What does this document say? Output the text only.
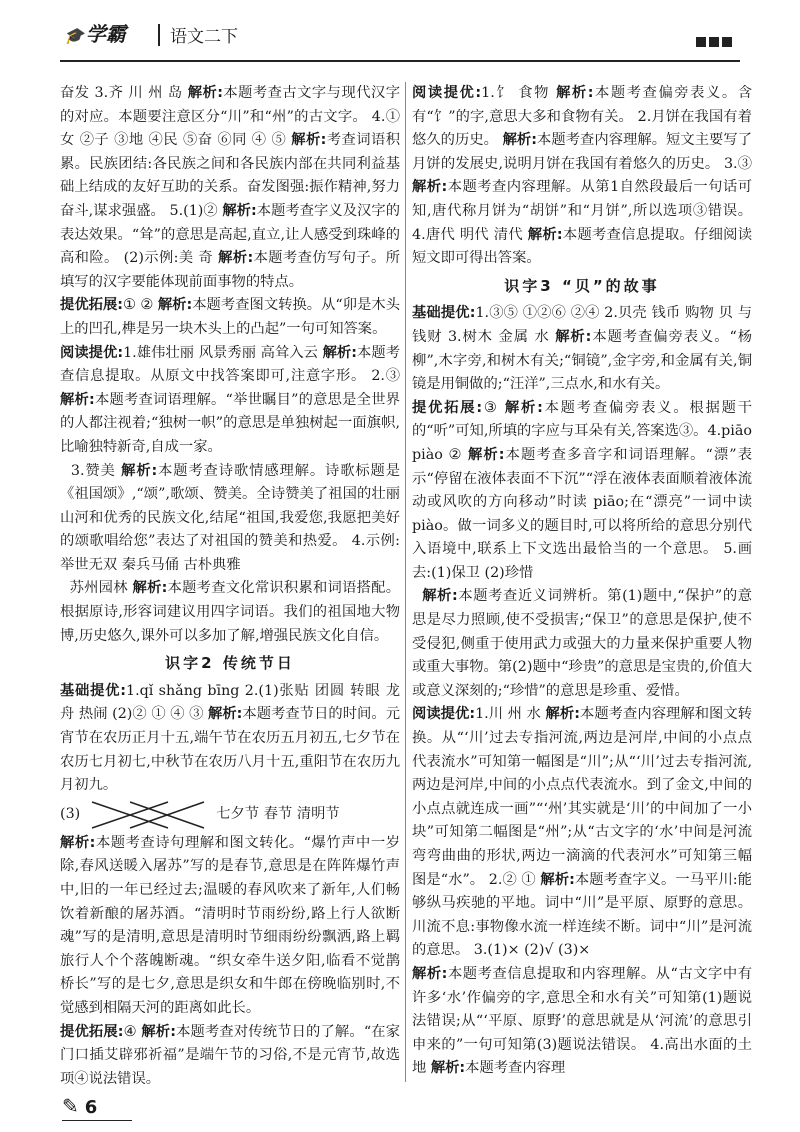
🎓 学霸	语文二下

奋发 3.齐 川 州 岛 解析:本题考查古文字与现代汉字的对应。本题要注意区分“川”和“州”的古文字。 4.①女 ②子 ③地 ④民 ⑤奋 ⑥同 ④ ⑤ 解析:考查词语积累。民族团结:各民族之间和各民族内部在共同利益基础上结成的友好互助的关系。奋发图强:振作精神,努力奋斗,谋求强盛。 5.(1)② 解析:本题考查字义及汉字的表达效果。“耸”的意思是高起,直立,让人感受到珠峰的高和险。 (2)示例:美 奇 解析:本题考查仿写句子。所填写的汉字要能体现前面事物的特点。

提优拓展:① ② 解析:本题考查图文转换。从“卯是木头上的凹孔,榫是另一块木头上的凸起”一句可知答案。

阅读提优:1.雄伟壮丽 风景秀丽 高耸入云 解析:本题考查信息提取。从原文中找答案即可,注意字形。 2.③ 解析:本题考查词语理解。“举世瞩目”的意思是全世界的人都注视着;“独树一帜”的意思是单独树起一面旗帜,比喻独特新奇,自成一家。

3.赞美 解析:本题考查诗歌情感理解。诗歌标题是《祖国颂》,“颂”,歌颂、赞美。全诗赞美了祖国的壮丽山河和优秀的民族文化,结尾“祖国,我爱您,我愿把美好的颂歌唱给您”表达了对祖国的赞美和热爱。 4.示例:举世无双 秦兵马俑 古朴典雅

苏州园林 解析:本题考查文化常识积累和词语搭配。根据原诗,形容词建议用四字词语。我们的祖国地大物博,历史悠久,课外可以多加了解,增强民族文化自信。

识字2 传统节日

基础提优:1.qǐ shǎng bīng 2.(1)张贴 团圆 转眼 龙舟 热闹 (2)② ① ④ ③ 解析:本题考查节日的时间。元宵节在农历正月十五,端午节在农历五月初五,七夕节在农历七月初七,中秋节在农历八月十五,重阳节在农历九月初九。

(3)	七夕节 春节 清明节
解析:本题考查诗句理解和图文转化。“爆竹声中一岁除,春风送暖入屠苏”写的是春节,意思是在阵阵爆竹声中,旧的一年已经过去;温暖的春风吹来了新年,人们畅饮着新酿的屠苏酒。“清明时节雨纷纷,路上行人欲断魂”写的是清明,意思是清明时节细雨纷纷飘洒,路上羁旅行人个个落魄断魂。“织女牵牛送夕阳,临看不觉鹊桥长”写的是七夕,意思是织女和牛郎在傍晚临别时,不觉感到相隔天河的距离如此长。

提优拓展:④ 解析:本题考查对传统节日的了解。“在家门口插艾辟邪祈福”是端午节的习俗,不是元宵节,故选项④说法错误。

阅读提优:1.饣 食物 解析:本题考查偏旁表义。含有“饣”的字,意思大多和食物有关。 2.月饼在我国有着悠久的历史。 解析:本题考查内容理解。短文主要写了月饼的发展史,说明月饼在我国有着悠久的历史。 3.③ 解析:本题考查内容理解。从第1自然段最后一句话可知,唐代称月饼为“胡饼”和“月饼”,所以选项③错误。 4.唐代 明代 清代 解析:本题考查信息提取。仔细阅读短文即可得出答案。

识字3 “贝”的故事

基础提优:1.③⑤ ①②⑥ ②④ 2.贝壳 钱币 购物 贝 与 钱财 3.树木 金属 水 解析:本题考查偏旁表义。“杨柳”,木字旁,和树木有关;“铜镜”,金字旁,和金属有关,铜镜是用铜做的;“汪洋”,三点水,和水有关。

提优拓展:③ 解析:本题考查偏旁表义。根据题干的“听”可知,所填的字应与耳朵有关,答案选③。4.piāo piào ② 解析:本题考查多音字和词语理解。“漂”表示“停留在液体表面不下沉”“浮在液体表面顺着液体流动或风吹的方向移动”时读 piāo;在“漂亮”一词中读 piào。做一词多义的题目时,可以将所给的意思分别代入语境中,联系上下文选出最恰当的一个意思。 5.画去:(1)保卫 (2)珍惜

解析:本题考查近义词辨析。第(1)题中,“保护”的意思是尽力照顾,使不受损害;“保卫”的意思是保护,使不受侵犯,侧重于使用武力或强大的力量来保护重要人物或重大事物。第(2)题中“珍贵”的意思是宝贵的,价值大或意义深刻的;“珍惜”的意思是珍重、爱惜。

阅读提优:1.川 州 水 解析:本题考查内容理解和图文转换。从“‘川’过去专指河流,两边是河岸,中间的小点点代表流水”可知第一幅图是“川”;从“‘川’过去专指河流,两边是河岸,中间的小点点代表流水。到了金文,中间的小点点就连成一画”“‘州’其实就是‘川’的中间加了一小块”可知第二幅图是“州”;从“古文字的‘水’中间是河流弯弯曲曲的形状,两边一滴滴的代表河水”可知第三幅图是“水”。 2.② ① 解析:本题考查字义。一马平川:能够纵马疾驰的平地。词中“川”是平原、原野的意思。川流不息:事物像水流一样连续不断。词中“川”是河流的意思。 3.(1)× (2)√ (3)×

解析:本题考查信息提取和内容理解。从“古文字中有许多‘水’作偏旁的字,意思全和水有关”可知第(1)题说法错误;从“‘平原、原野’的意思就是从‘河流’的意思引申来的”一句可知第(3)题说法错误。 4.高出水面的土地 解析:本题考查内容理

✎ 6
